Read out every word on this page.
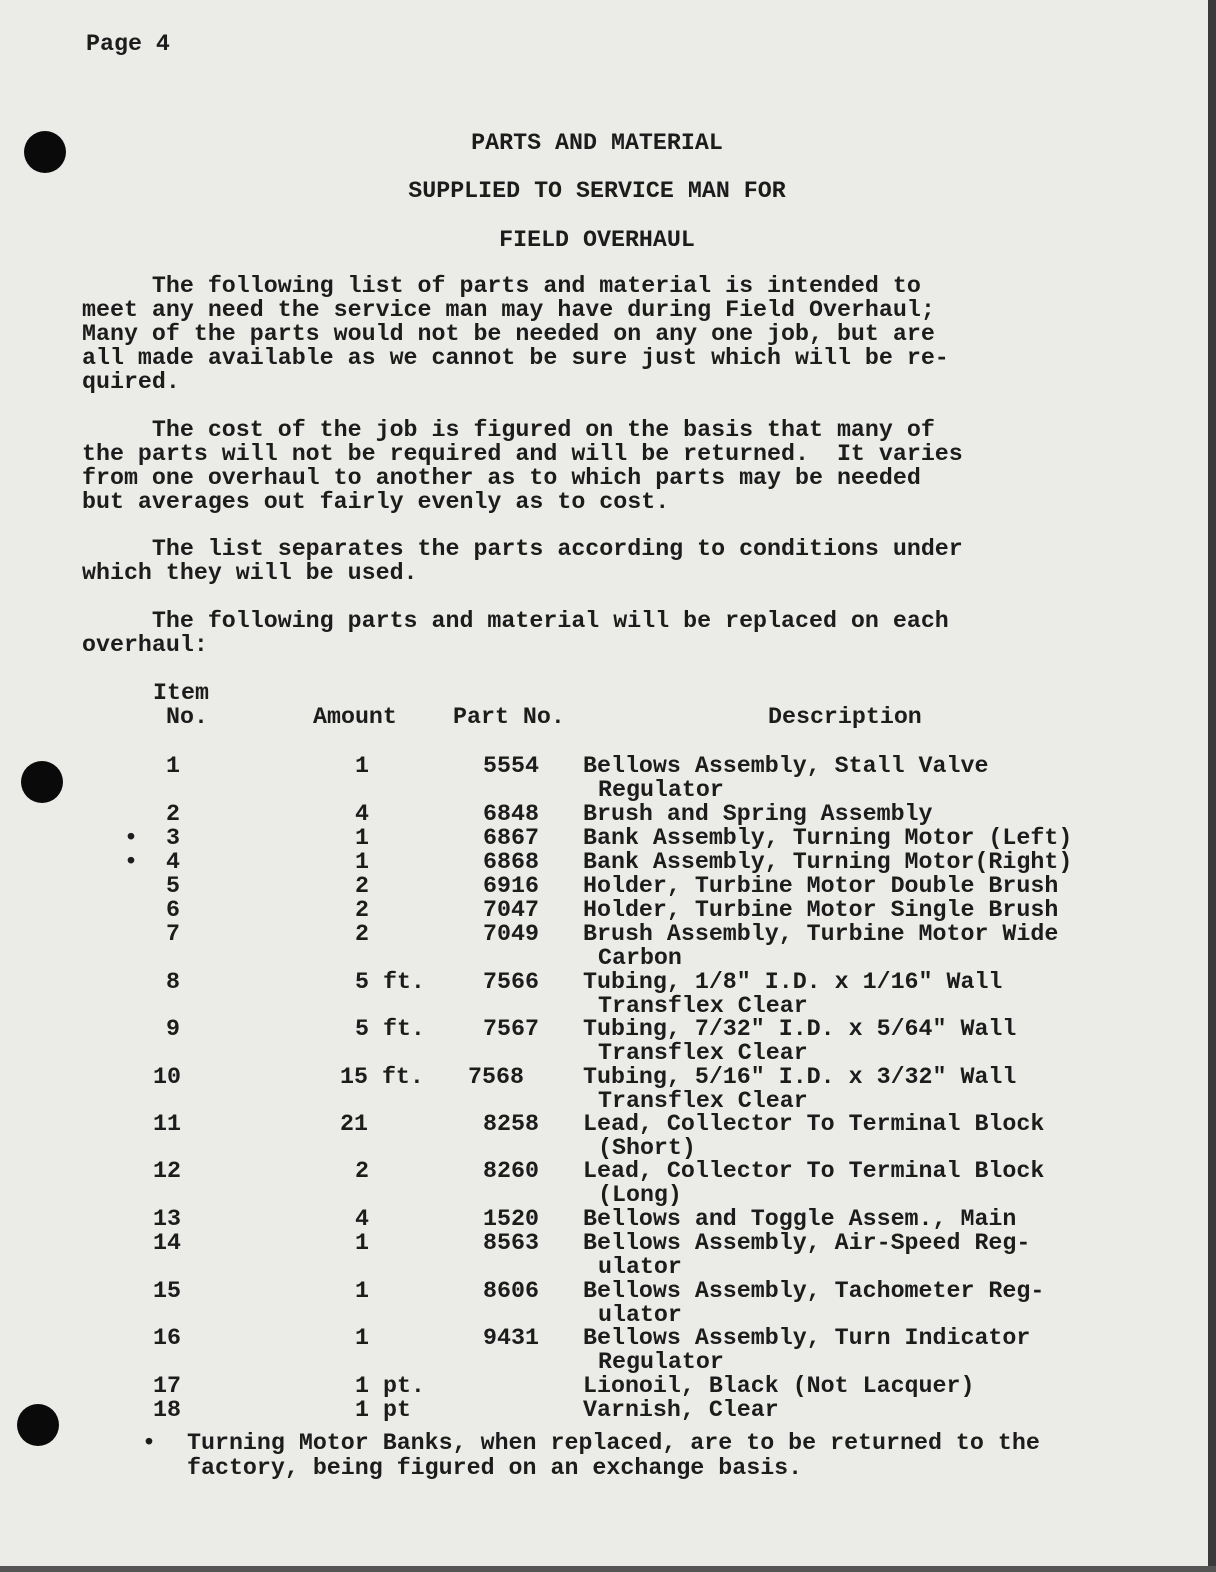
Page 4
PARTS AND MATERIAL
SUPPLIED TO SERVICE MAN FOR
FIELD OVERHAUL
The following list of parts and material is intended to
meet any need the service man may have during Field Overhaul;
Many of the parts would not be needed on any one job, but are
all made available as we cannot be sure just which will be re-
quired.
The cost of the job is figured on the basis that many of
the parts will not be required and will be returned.  It varies
from one overhaul to another as to which parts may be needed
but averages out fairly evenly as to cost.
The list separates the parts according to conditions under
which they will be used.
The following parts and material will be replaced on each
overhaul:
Item
No.	Amount Part No.	Description
1	1	5554 Bellows Assembly, Stall Valve
Regulator
2	4	6848 Brush and Spring Assembly
3	1	6867 Bank Assembly, Turning Motor (Left)
•
4	1	6868 Bank Assembly, Turning Motor(Right)
•
5	2	6916 Holder, Turbine Motor Double Brush
6	2	7047 Holder, Turbine Motor Single Brush
7	2	7049 Brush Assembly, Turbine Motor Wide
Carbon
8	5 ft. 7566 Tubing, 1/8" I.D. x 1/16" Wall
Transflex Clear
9	5 ft. 7567 Tubing, 7/32" I.D. x 5/64" Wall
Transflex Clear
10	15 ft. 7568	Tubing, 5/16" I.D. x 3/32" Wall
Transflex Clear
11	21	8258 Lead, Collector To Terminal Block
(Short)
12	2	8260 Lead, Collector To Terminal Block
(Long)
13	4	1520 Bellows and Toggle Assem., Main
14	1	8563 Bellows Assembly, Air-Speed Reg-
ulator
15	1	8606 Bellows Assembly, Tachometer Reg-
ulator
16	1	9431 Bellows Assembly, Turn Indicator
Regulator
17	1 pt.	Lionoil, Black (Not Lacquer)
18	1 pt	Varnish, Clear
• Turning Motor Banks, when replaced, are to be returned to the
factory, being figured on an exchange basis.
